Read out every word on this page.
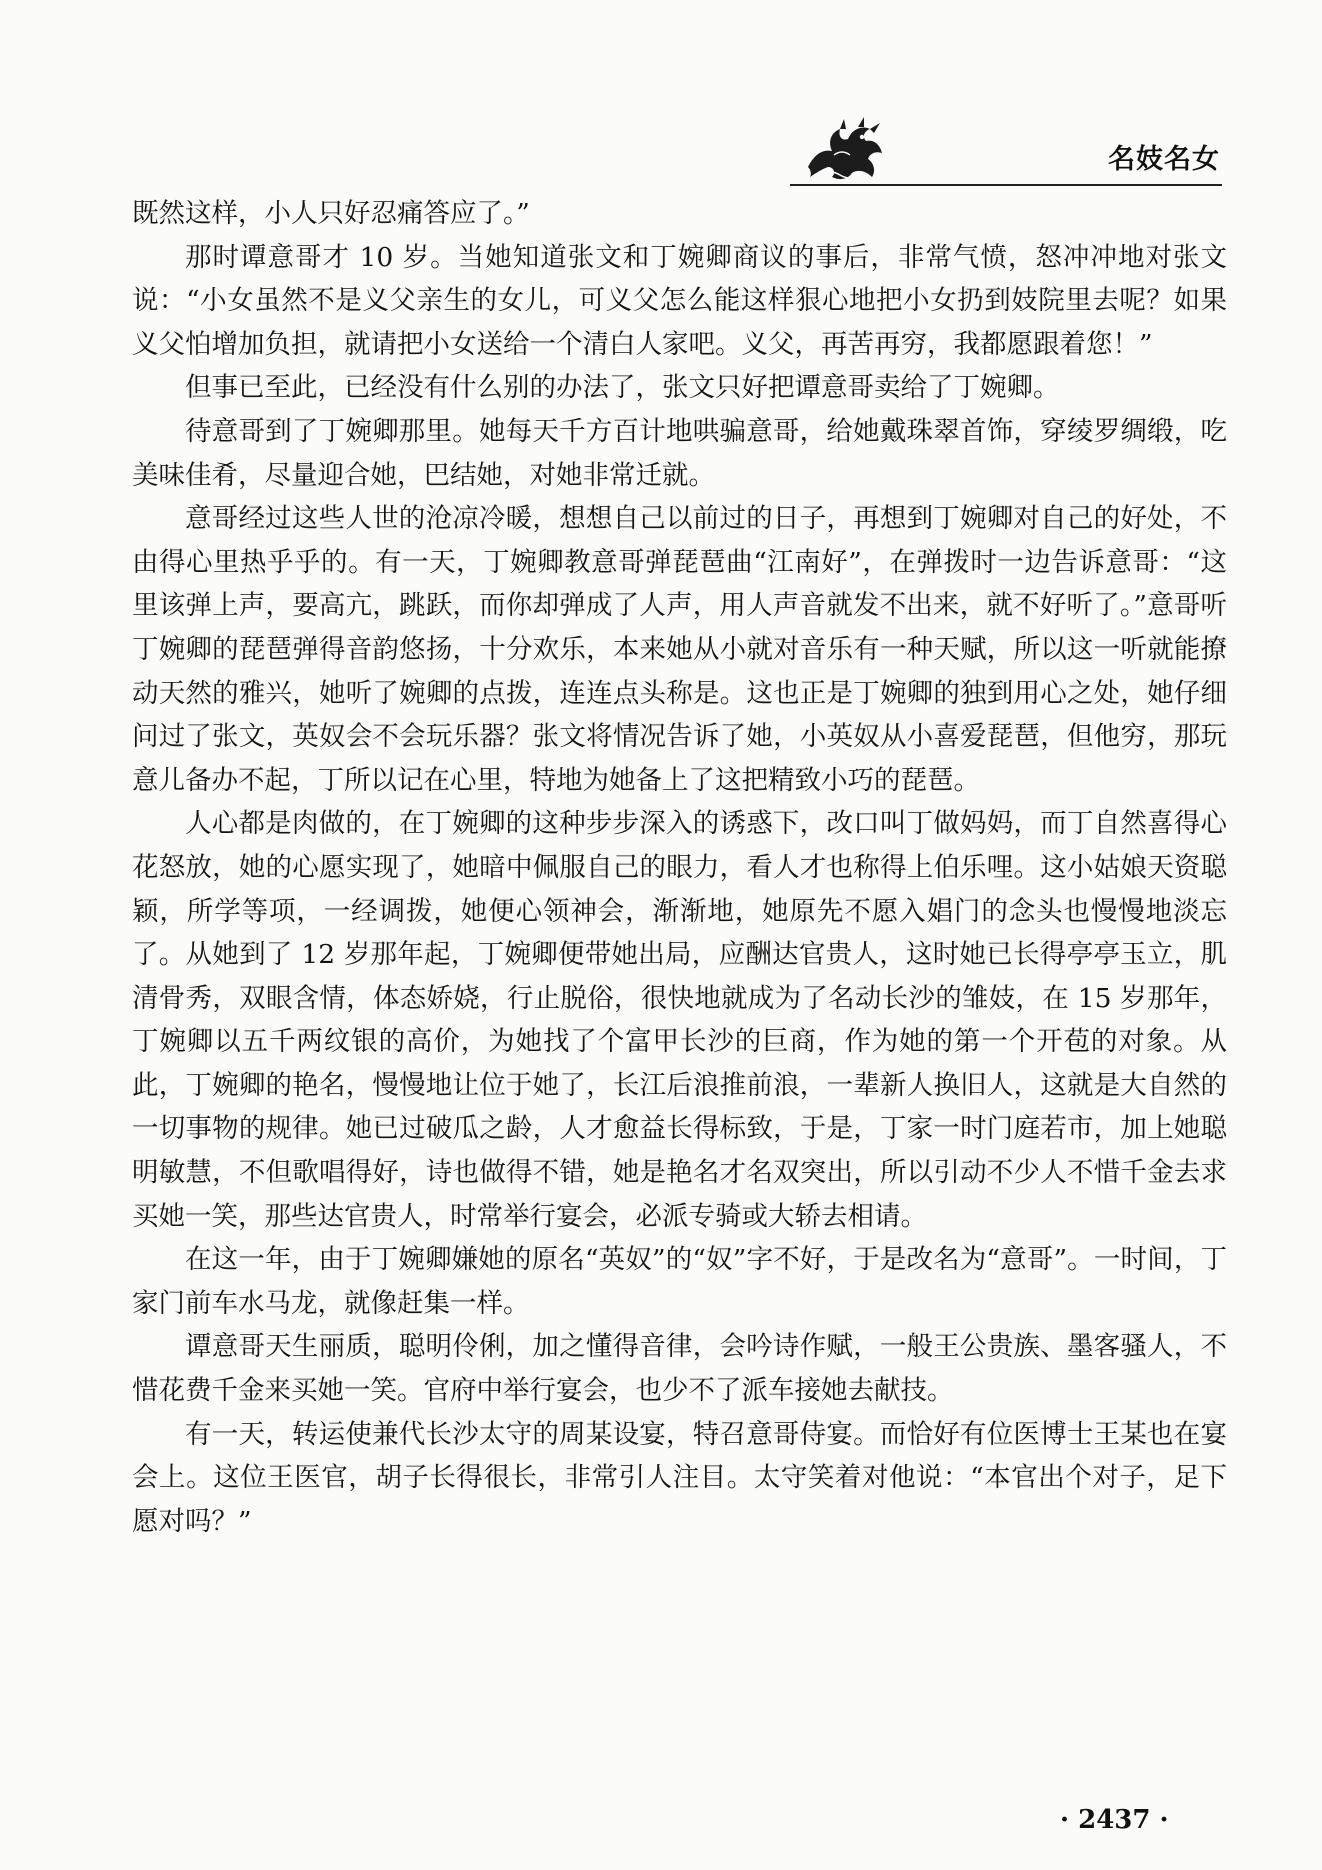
名妓名女

既然这样，小人只好忍痛答应了。”

那时谭意哥才 10 岁。当她知道张文和丁婉卿商议的事后，非常气愤，怒冲冲地对张文说：“小女虽然不是义父亲生的女儿，可义父怎么能这样狠心地把小女扔到妓院里去呢？如果义父怕增加负担，就请把小女送给一个清白人家吧。义父，再苦再穷，我都愿跟着您！”

但事已至此，已经没有什么别的办法了，张文只好把谭意哥卖给了丁婉卿。

待意哥到了丁婉卿那里。她每天千方百计地哄骗意哥，给她戴珠翠首饰，穿绫罗绸缎，吃美味佳肴，尽量迎合她，巴结她，对她非常迁就。

意哥经过这些人世的沧凉冷暖，想想自己以前过的日子，再想到丁婉卿对自己的好处，不由得心里热乎乎的。有一天，丁婉卿教意哥弹琵琶曲“江南好”，在弹拨时一边告诉意哥：“这里该弹上声，要高亢，跳跃，而你却弹成了人声，用人声音就发不出来，就不好听了。”意哥听丁婉卿的琵琶弹得音韵悠扬，十分欢乐，本来她从小就对音乐有一种天赋，所以这一听就能撩动天然的雅兴，她听了婉卿的点拨，连连点头称是。这也正是丁婉卿的独到用心之处，她仔细问过了张文，英奴会不会玩乐器？张文将情况告诉了她，小英奴从小喜爱琵琶，但他穷，那玩意儿备办不起，丁所以记在心里，特地为她备上了这把精致小巧的琵琶。

人心都是肉做的，在丁婉卿的这种步步深入的诱惑下，改口叫丁做妈妈，而丁自然喜得心花怒放，她的心愿实现了，她暗中佩服自己的眼力，看人才也称得上伯乐哩。这小姑娘天资聪颖，所学等项，一经调拨，她便心领神会，渐渐地，她原先不愿入娼门的念头也慢慢地淡忘了。从她到了 12 岁那年起，丁婉卿便带她出局，应酬达官贵人，这时她已长得亭亭玉立，肌清骨秀，双眼含情，体态娇娆，行止脱俗，很快地就成为了名动长沙的雏妓，在 15 岁那年，丁婉卿以五千两纹银的高价，为她找了个富甲长沙的巨商，作为她的第一个开苞的对象。从此，丁婉卿的艳名，慢慢地让位于她了，长江后浪推前浪，一辈新人换旧人，这就是大自然的一切事物的规律。她已过破瓜之龄，人才愈益长得标致，于是，丁家一时门庭若市，加上她聪明敏慧，不但歌唱得好，诗也做得不错，她是艳名才名双突出，所以引动不少人不惜千金去求买她一笑，那些达官贵人，时常举行宴会，必派专骑或大轿去相请。

在这一年，由于丁婉卿嫌她的原名“英奴”的“奴”字不好，于是改名为“意哥”。一时间，丁家门前车水马龙，就像赶集一样。

谭意哥天生丽质，聪明伶俐，加之懂得音律，会吟诗作赋，一般王公贵族、墨客骚人，不惜花费千金来买她一笑。官府中举行宴会，也少不了派车接她去献技。

有一天，转运使兼代长沙太守的周某设宴，特召意哥侍宴。而恰好有位医博士王某也在宴会上。这位王医官，胡子长得很长，非常引人注目。太守笑着对他说：“本官出个对子，足下愿对吗？”

· 2437 ·
